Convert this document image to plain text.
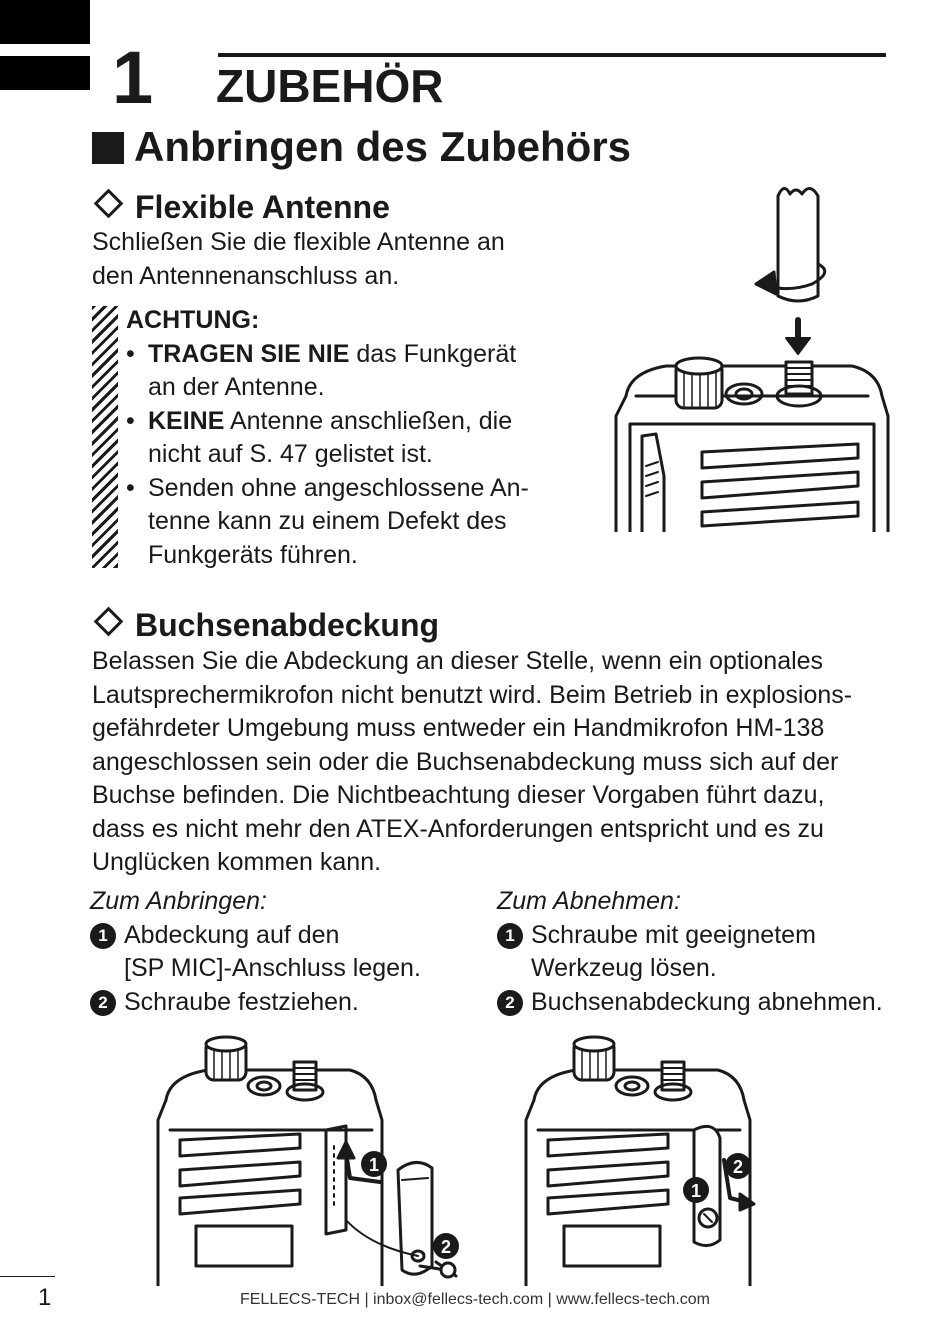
1 ZUBEHÖR
Anbringen des Zubehörs
Flexible Antenne
Schließen Sie die flexible Antenne an
den Antennenanschluss an.
ACHTUNG:
• TRAGEN SIE NIE das Funkgerät
an der Antenne.
• KEINE Antenne anschließen, die
nicht auf S. 47 gelistet ist.
• Senden ohne angeschlossene An-
tenne kann zu einem Defekt des
Funkgeräts führen.
Buchsenabdeckung
Belassen Sie die Abdeckung an dieser Stelle, wenn ein optionales
Lautsprechermikrofon nicht benutzt wird. Beim Betrieb in explosions-
gefährdeter Umgebung muss entweder ein Handmikrofon HM-138
angeschlossen sein oder die Buchsenabdeckung muss sich auf der
Buchse befinden. Die Nichtbeachtung dieser Vorgaben führt dazu,
dass es nicht mehr den ATEX-Anforderungen entspricht und es zu
Unglücken kommen kann.
Zum Anbringen:
1 Abdeckung auf den
[SP MIC]-Anschluss legen.
2 Schraube festziehen.
Zum Abnehmen:
1 Schraube mit geeignetem
Werkzeug lösen.
2 Buchsenabdeckung abnehmen.
1
2
1
2
1	FELLECS-TECH | inbox@fellecs-tech.com | www.fellecs-tech.com
